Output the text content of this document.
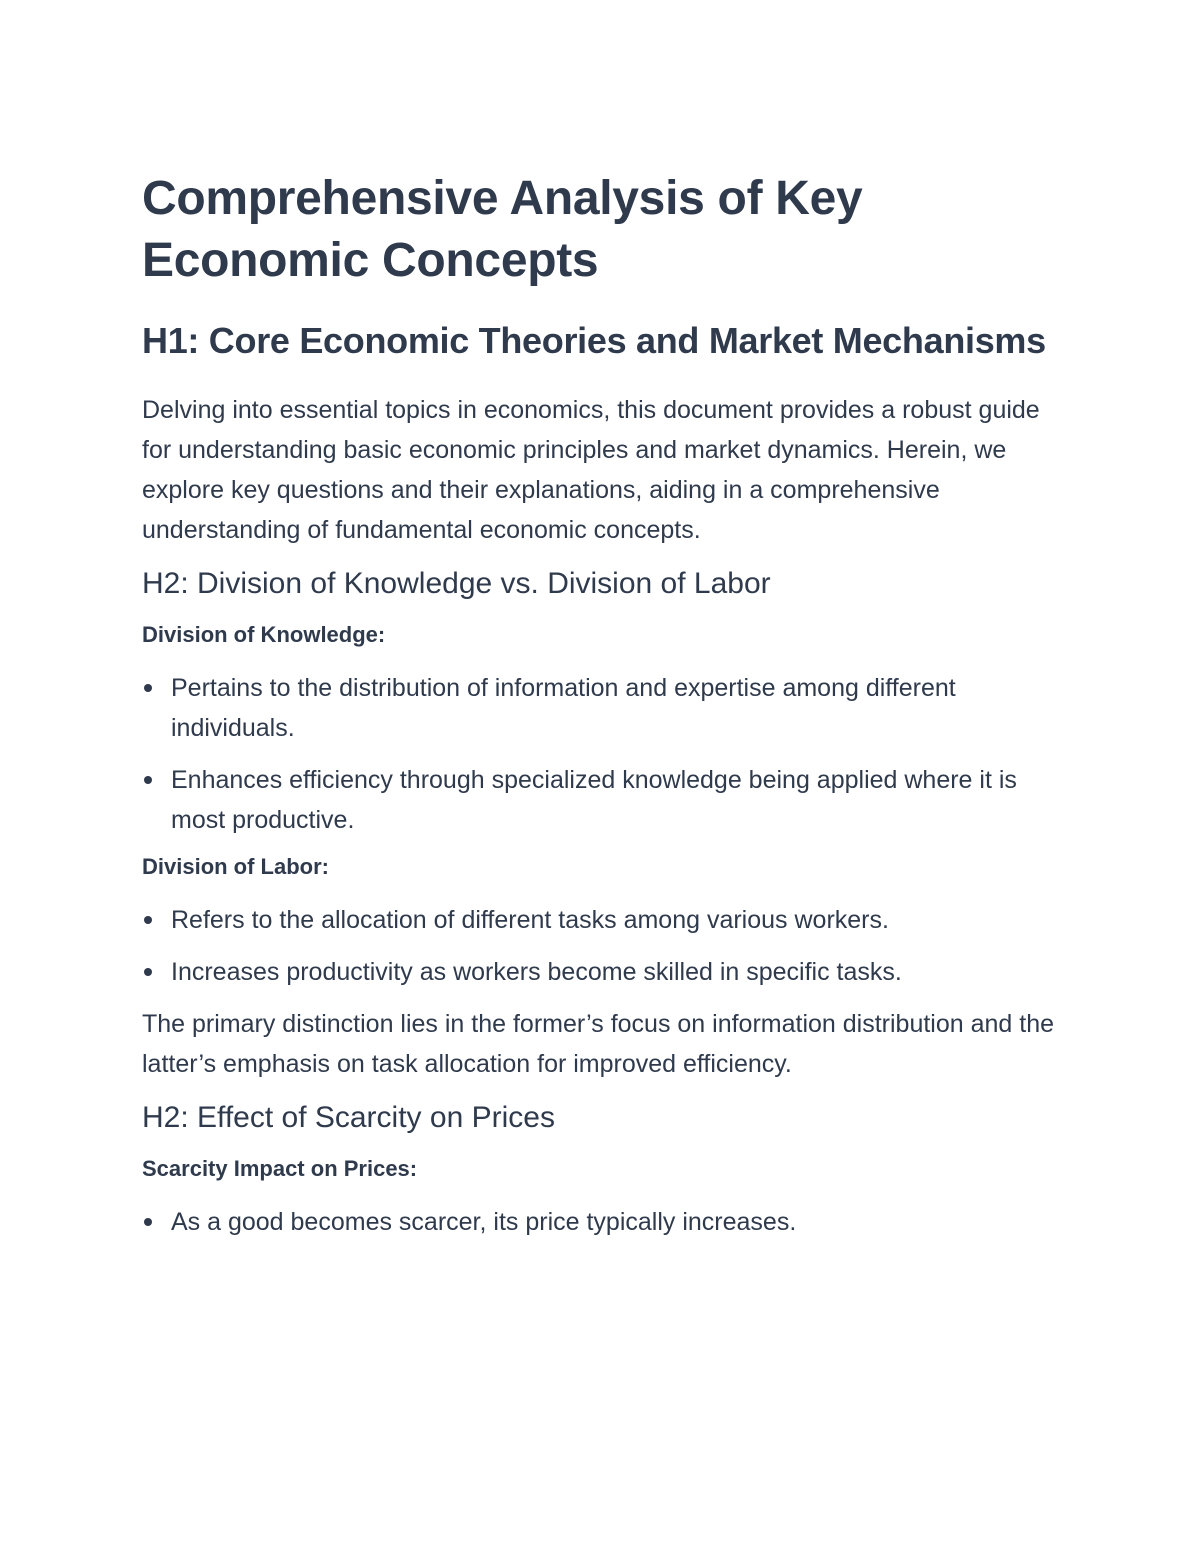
Comprehensive Analysis of Key Economic Concepts
H1: Core Economic Theories and Market Mechanisms

Delving into essential topics in economics, this document provides a robust guide for understanding basic economic principles and market dynamics. Herein, we explore key questions and their explanations, aiding in a comprehensive understanding of fundamental economic concepts.

H2: Division of Knowledge vs. Division of Labor
Division of Knowledge:
Pertains to the distribution of information and expertise among different individuals.
Enhances efficiency through specialized knowledge being applied where it is most productive.
Division of Labor:
Refers to the allocation of different tasks among various workers.
Increases productivity as workers become skilled in specific tasks.

The primary distinction lies in the former’s focus on information distribution and the latter’s emphasis on task allocation for improved efficiency.

H2: Effect of Scarcity on Prices
Scarcity Impact on Prices:
As a good becomes scarcer, its price typically increases.
